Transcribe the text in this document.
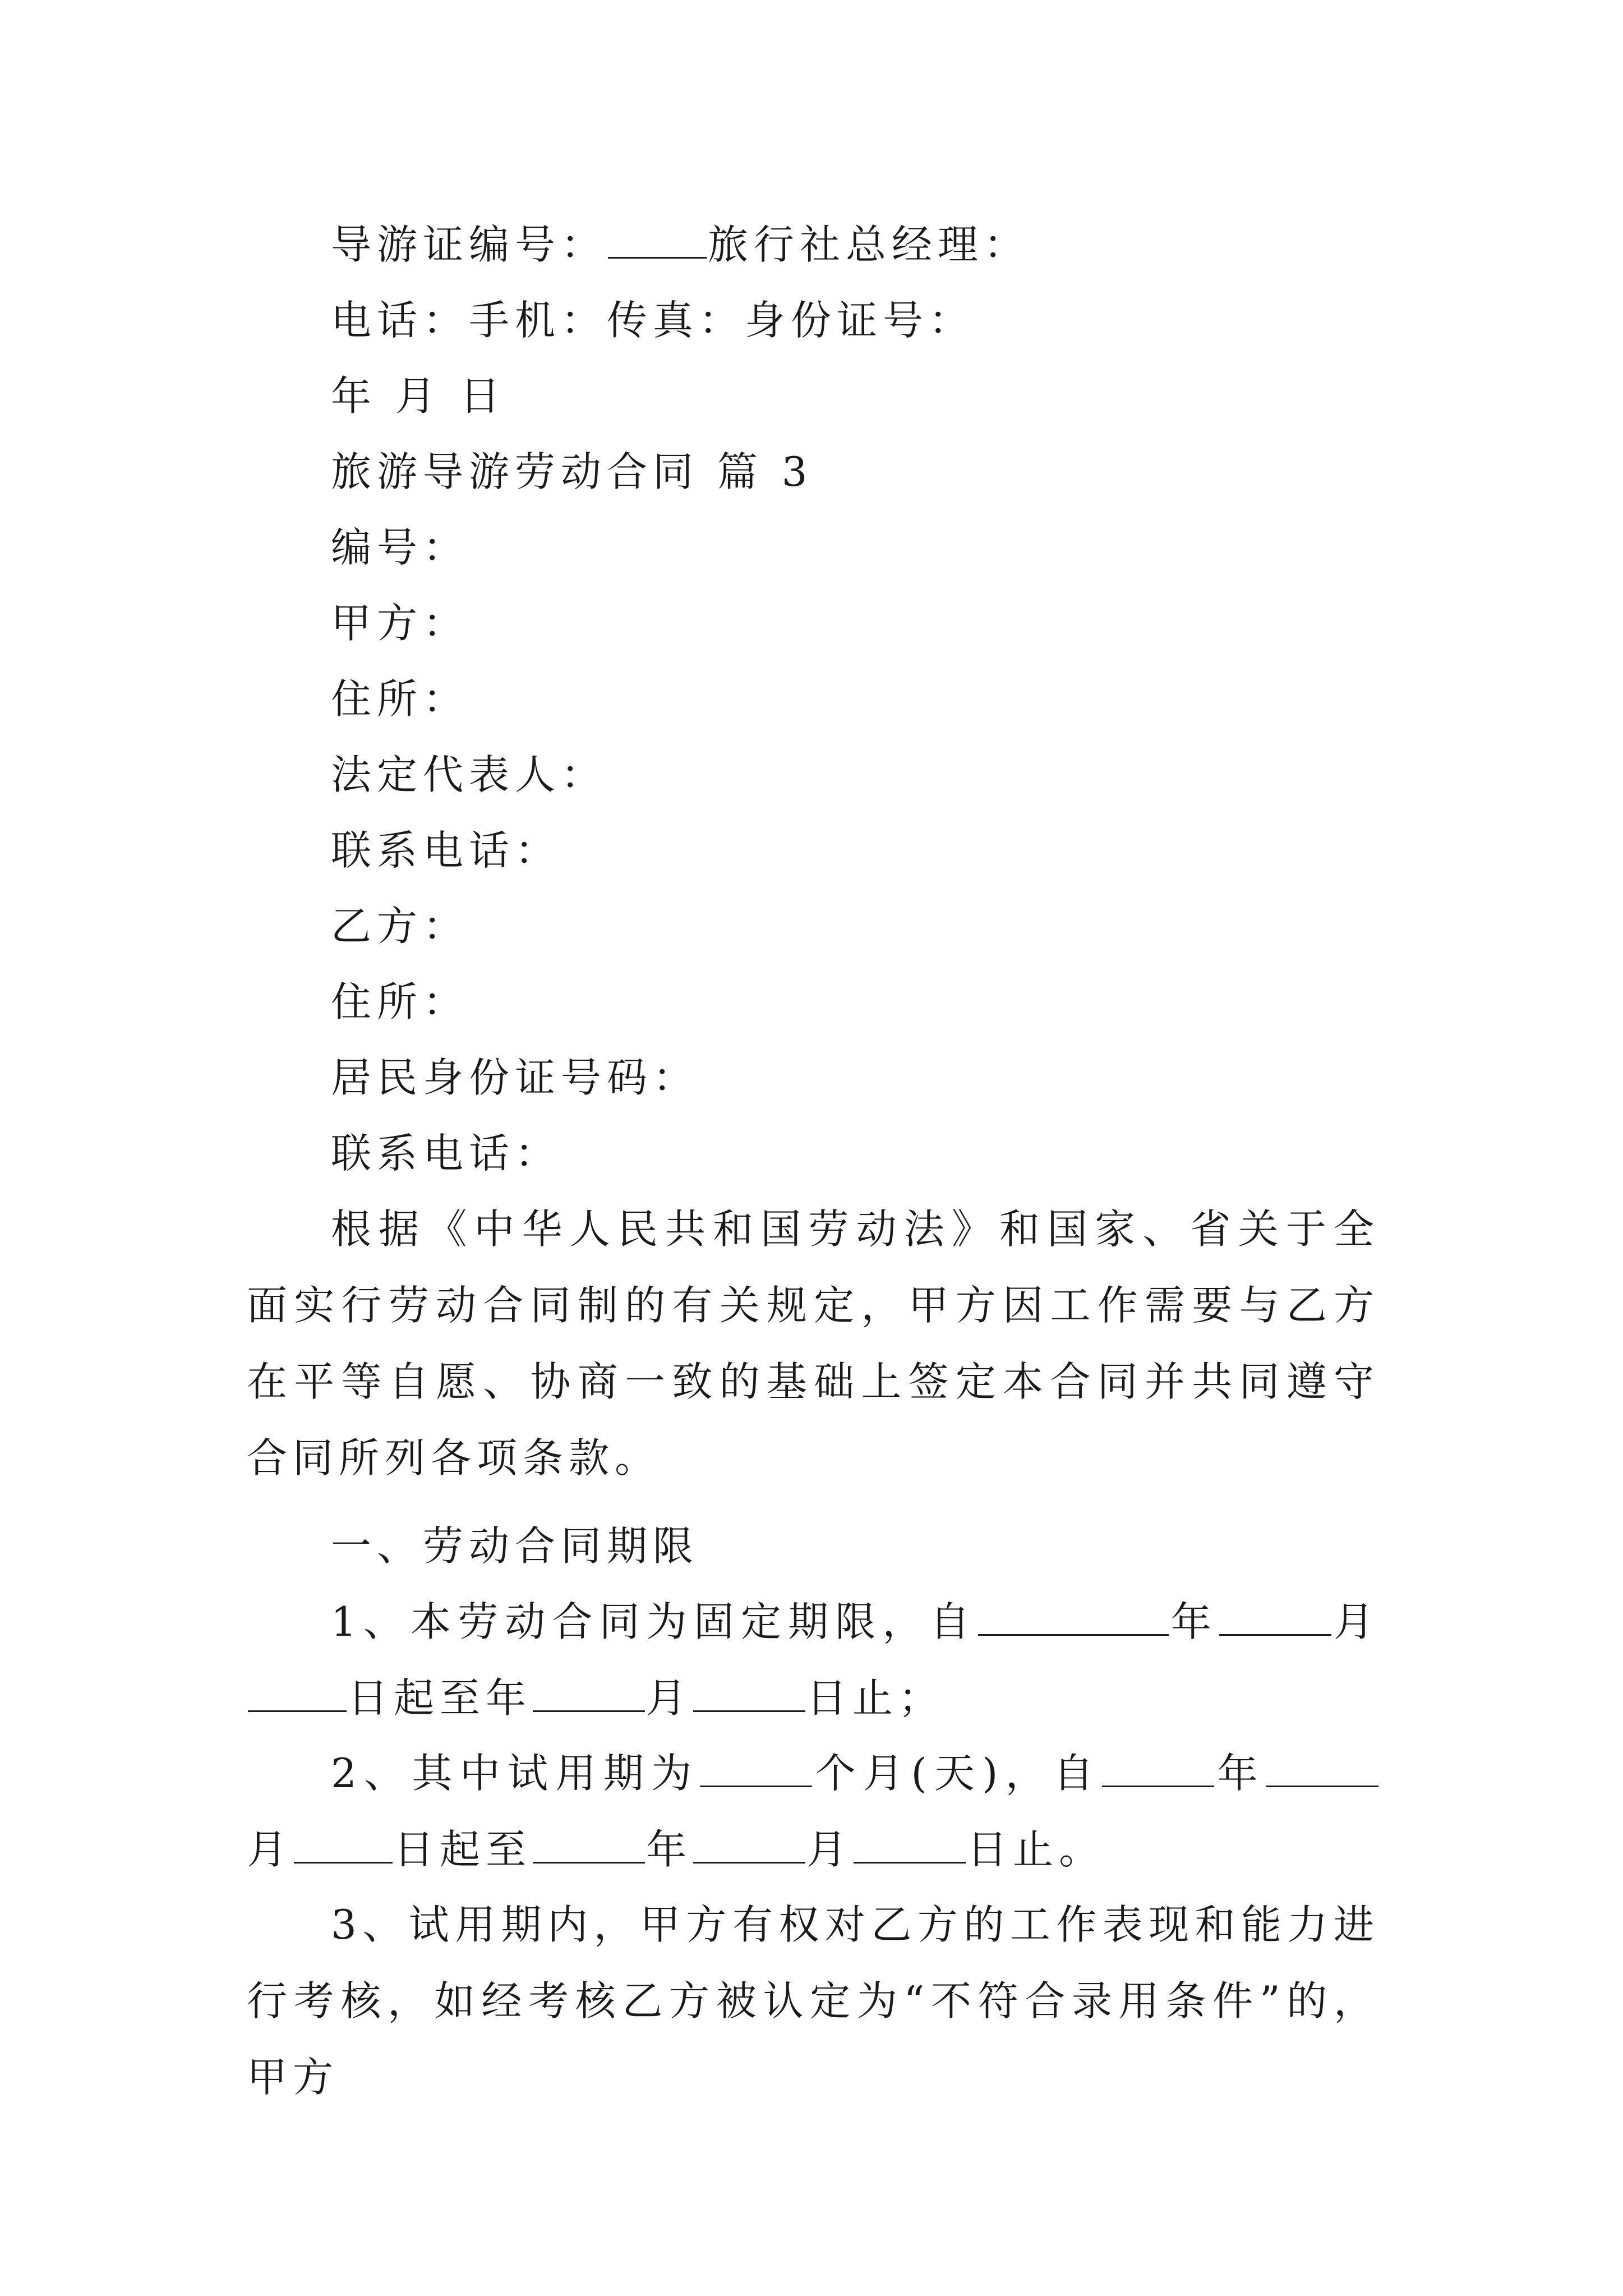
导游证编号：	旅行社总经理：
电话：手机：传真：身份证号：
年 月 日
旅游导游劳动合同 篇 3
编号：
甲方：
住所：
法定代表人：
联系电话：
乙方：
住所：
居民身份证号码：
联系电话：
根据《中华人民共和国劳动法》和国家、省关于全面实行劳动合同制的有关规定，甲方因工作需要与乙方在平等自愿、协商一致的基础上签定本合同并共同遵守合同所列各项条款。
一、劳动合同期限
1、本劳动合同为固定期限，自	年	月日起至年	月	日止；
2、其中试用期为	个月(天)，自	年月	日起至	年	月	日止。
3、试用期内，甲方有权对乙方的工作表现和能力进行考核，如经考核乙方被认定为“不符合录用条件”的，甲方
